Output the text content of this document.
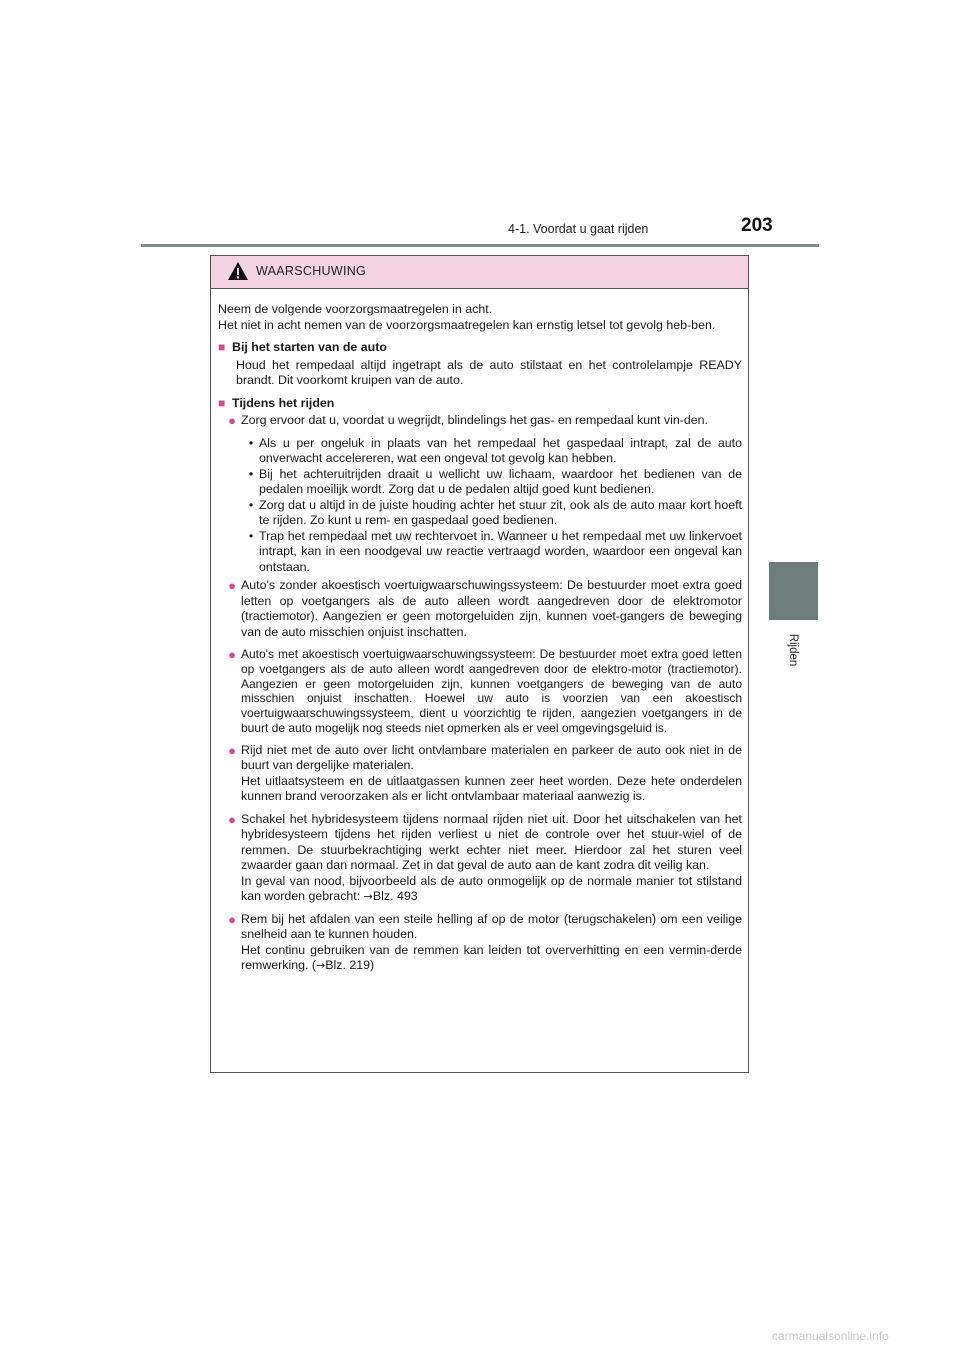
4-1. Voordat u gaat rijden	203
4
Rijden
WAARSCHUWING

Neem de volgende voorzorgsmaatregelen in acht.
Het niet in acht nemen van de voorzorgsmaatregelen kan ernstig letsel tot gevolg heb-ben.

■ Bij het starten van de auto

Houd het rempedaal altijd ingetrapt als de auto stilstaat en het controlelampje READY brandt. Dit voorkomt kruipen van de auto.

■ Tijdens het rijden
● Zorg ervoor dat u, voordat u wegrijdt, blindelings het gas- en rempedaal kunt vin-den.
• Als u per ongeluk in plaats van het rempedaal het gaspedaal intrapt, zal de auto onverwacht accelereren, wat een ongeval tot gevolg kan hebben.
• Bij het achteruitrijden draait u wellicht uw lichaam, waardoor het bedienen van de pedalen moeilijk wordt. Zorg dat u de pedalen altijd goed kunt bedienen.
• Zorg dat u altijd in de juiste houding achter het stuur zit, ook als de auto maar kort hoeft te rijden. Zo kunt u rem- en gaspedaal goed bedienen.
• Trap het rempedaal met uw rechtervoet in. Wanneer u het rempedaal met uw linkervoet intrapt, kan in een noodgeval uw reactie vertraagd worden, waardoor een ongeval kan ontstaan.
● Auto's zonder akoestisch voertuigwaarschuwingssysteem: De bestuurder moet extra goed letten op voetgangers als de auto alleen wordt aangedreven door de elektromotor (tractiemotor). Aangezien er geen motorgeluiden zijn, kunnen voet-gangers de beweging van de auto misschien onjuist inschatten.
● Auto's met akoestisch voertuigwaarschuwingssysteem: De bestuurder moet extra goed letten op voetgangers als de auto alleen wordt aangedreven door de elektro-motor (tractiemotor). Aangezien er geen motorgeluiden zijn, kunnen voetgangers de beweging van de auto misschien onjuist inschatten. Hoewel uw auto is voorzien van een akoestisch voertuigwaarschuwingssysteem, dient u voorzichtig te rijden, aangezien voetgangers in de buurt de auto mogelijk nog steeds niet opmerken als er veel omgevingsgeluid is.
● Rijd niet met de auto over licht ontvlambare materialen en parkeer de auto ook niet in de buurt van dergelijke materialen.
Het uitlaatsysteem en de uitlaatgassen kunnen zeer heet worden. Deze hete onderdelen kunnen brand veroorzaken als er licht ontvlambaar materiaal aanwezig is.
● Schakel het hybridesysteem tijdens normaal rijden niet uit. Door het uitschakelen van het hybridesysteem tijdens het rijden verliest u niet de controle over het stuur-wiel of de remmen. De stuurbekrachtiging werkt echter niet meer. Hierdoor zal het sturen veel zwaarder gaan dan normaal. Zet in dat geval de auto aan de kant zodra dit veilig kan.
In geval van nood, bijvoorbeeld als de auto onmogelijk op de normale manier tot stilstand kan worden gebracht: →Blz. 493
● Rem bij het afdalen van een steile helling af op de motor (terugschakelen) om een veilige snelheid aan te kunnen houden.
Het continu gebruiken van de remmen kan leiden tot oververhitting en een vermin-derde remwerking. (→Blz. 219)
carmanualsonline.info
